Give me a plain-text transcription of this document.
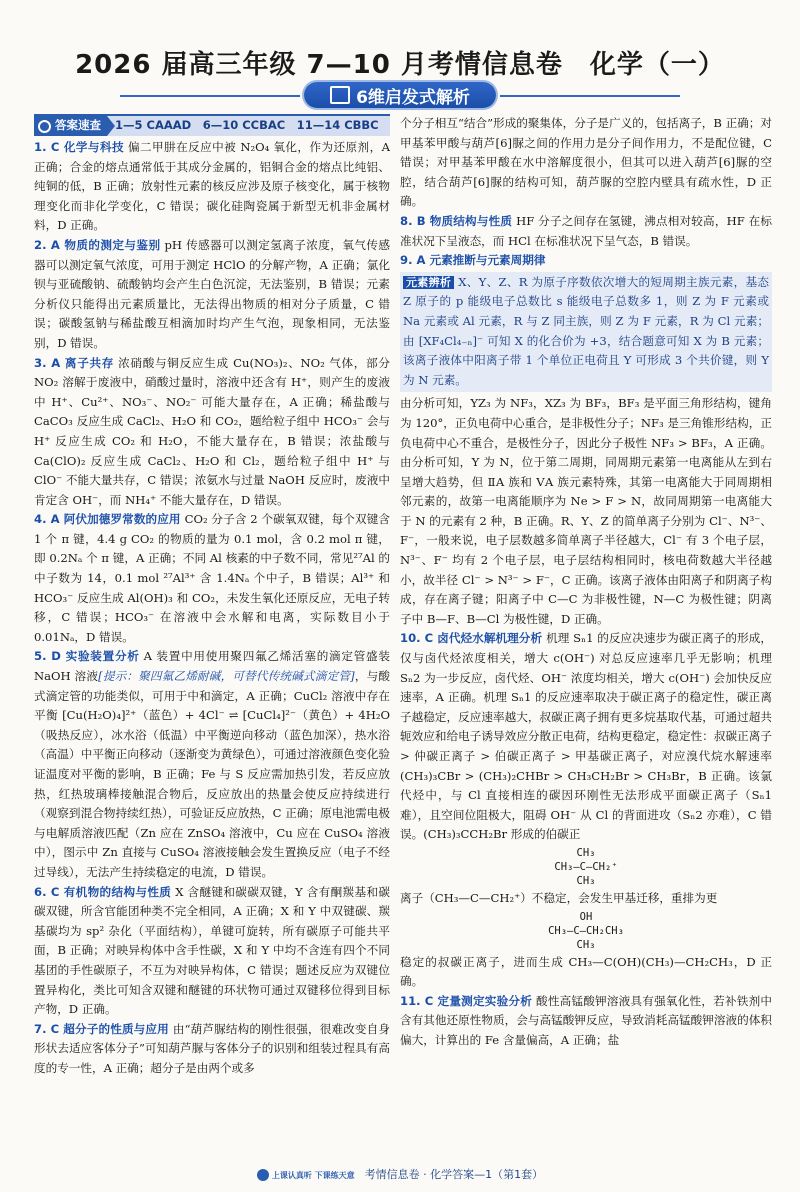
2026 届高三年级 7—10 月考情信息卷　化学（一）
6维启发式解析
答案速查 1—5 CAAAD　6—10 CCBAC　11—14 CBBC

1. C 化学与科技 偏二甲肼在反应中被 N₂O₄ 氧化，作为还原剂，A 正确；合金的熔点通常低于其成分金属的，铝铜合金的熔点比纯铝、纯铜的低，B 正确；放射性元素的核反应涉及原子核变化，属于核物理变化而非化学变化，C 错误；碳化硅陶瓷属于新型无机非金属材料，D 正确。

2. A 物质的测定与鉴别 pH 传感器可以测定氢离子浓度，氧气传感器可以测定氧气浓度，可用于测定 HClO 的分解产物，A 正确；氯化钡与亚硫酸钠、硫酸钠均会产生白色沉淀，无法鉴别，B 错误；元素分析仪只能得出元素质量比，无法得出物质的相对分子质量，C 错误；碳酸氢钠与稀盐酸互相滴加时均产生气泡，现象相同，无法鉴别，D 错误。

3. A 离子共存 浓硝酸与铜反应生成 Cu(NO₃)₂、NO₂ 气体，部分 NO₂ 溶解于废液中，硝酸过量时，溶液中还含有 H⁺，则产生的废液中 H⁺、Cu²⁺、NO₃⁻、NO₂⁻ 可能大量存在，A 正确；稀盐酸与 CaCO₃ 反应生成 CaCl₂、H₂O 和 CO₂，题给粒子组中 HCO₃⁻ 会与 H⁺ 反应生成 CO₂ 和 H₂O，不能大量存在，B 错误；浓盐酸与 Ca(ClO)₂ 反应生成 CaCl₂、H₂O 和 Cl₂，题给粒子组中 H⁺ 与 ClO⁻ 不能大量共存，C 错误；浓氨水与过量 NaOH 反应时，废液中肯定含 OH⁻，而 NH₄⁺ 不能大量存在，D 错误。

4. A 阿伏加德罗常数的应用 CO₂ 分子含 2 个碳氧双键，每个双键含 1 个 π 键，4.4 g CO₂ 的物质的量为 0.1 mol，含 0.2 mol π 键，即 0.2Nₐ 个 π 键，A 正确；不同 Al 核素的中子数不同，常见²⁷Al 的中子数为 14，0.1 mol ²⁷Al³⁺ 含 1.4Nₐ 个中子，B 错误；Al³⁺ 和 HCO₃⁻ 反应生成 Al(OH)₃ 和 CO₂，未发生氧化还原反应，无电子转移，C 错误；HCO₃⁻ 在溶液中会水解和电离，实际数目小于 0.01Nₐ，D 错误。

5. D 实验装置分析 A 装置中用使用聚四氟乙烯活塞的滴定管盛装 NaOH 溶液[提示：聚四氟乙烯耐碱，可替代传统碱式滴定管]，与酸式滴定管的功能类似，可用于中和滴定，A 正确；CuCl₂ 溶液中存在平衡 [Cu(H₂O)₄]²⁺（蓝色）+ 4Cl⁻ ⇌ [CuCl₄]²⁻（黄色）+ 4H₂O（吸热反应），冰水浴（低温）中平衡逆向移动（蓝色加深），热水浴（高温）中平衡正向移动（逐渐变为黄绿色），可通过溶液颜色变化验证温度对平衡的影响，B 正确；Fe 与 S 反应需加热引发，若反应放热，红热玻璃棒接触混合物后，反应放出的热量会使反应持续进行（观察到混合物持续红热），可验证反应放热，C 正确；原电池需电极与电解质溶液匹配（Zn 应在 ZnSO₄ 溶液中，Cu 应在 CuSO₄ 溶液中），图示中 Zn 直接与 CuSO₄ 溶液接触会发生置换反应（电子不经过导线），无法产生持续稳定的电流，D 错误。

6. C 有机物的结构与性质 X 含醚键和碳碳双键，Y 含有酮羰基和碳碳双键，所含官能团种类不完全相同，A 正确；X 和 Y 中双键碳、羰基碳均为 sp² 杂化（平面结构），单键可旋转，所有碳原子可能共平面，B 正确；对映异构体中含手性碳，X 和 Y 中均不含连有四个不同基团的手性碳原子，不互为对映异构体，C 错误；题述反应为双键位置异构化，类比可知含双键和醚键的环状物可通过双键移位得到目标产物，D 正确。

7. C 超分子的性质与应用 由“葫芦脲结构的刚性很强，很难改变自身形状去适应客体分子”可知葫芦脲与客体分子的识别和组装过程具有高度的专一性，A 正确；超分子是由两个或多

个分子相互“结合”形成的聚集体，分子是广义的，包括离子，B 正确；对甲基苯甲酸与葫芦[6]脲之间的作用力是分子间作用力，不是配位键，C 错误；对甲基苯甲酸在水中溶解度很小，但其可以进入葫芦[6]脲的空腔，结合葫芦[6]脲的结构可知，葫芦脲的空腔内壁具有疏水性，D 正确。

8. B 物质结构与性质 HF 分子之间存在氢键，沸点相对较高，HF 在标准状况下呈液态，而 HCl 在标准状况下呈气态，B 错误。

9. A 元素推断与元素周期律

元素辨析 X、Y、Z、R 为原子序数依次增大的短周期主族元素，基态 Z 原子的 p 能级电子总数比 s 能级电子总数多 1，则 Z 为 F 元素或 Na 元素或 Al 元素，R 与 Z 同主族，则 Z 为 F 元素，R 为 Cl 元素；由 [XF₄Cl₄₋ₙ]⁻ 可知 X 的化合价为 +3，结合题意可知 X 为 B 元素；该离子液体中阳离子带 1 个单位正电荷且 Y 可形成 3 个共价键，则 Y 为 N 元素。

由分析可知，YZ₃ 为 NF₃，XZ₃ 为 BF₃，BF₃ 是平面三角形结构，键角为 120°，正负电荷中心重合，是非极性分子；NF₃ 是三角锥形结构，正负电荷中心不重合，是极性分子，因此分子极性 NF₃ > BF₃，A 正确。由分析可知，Y 为 N，位于第二周期，同周期元素第一电离能从左到右呈增大趋势，但 ⅡA 族和 ⅤA 族元素特殊，其第一电离能大于同周期相邻元素的，故第一电离能顺序为 Ne > F > N，故同周期第一电离能大于 N 的元素有 2 种，B 正确。R、Y、Z 的简单离子分别为 Cl⁻、N³⁻、F⁻，一般来说，电子层数越多简单离子半径越大，Cl⁻ 有 3 个电子层，N³⁻、F⁻ 均有 2 个电子层，电子层结构相同时，核电荷数越大半径越小，故半径 Cl⁻ > N³⁻ > F⁻，C 正确。该离子液体由阳离子和阴离子构成，存在离子键；阳离子中 C—C 为非极性键，N—C 为极性键；阴离子中 B—F、B—Cl 为极性键，D 正确。

10. C 卤代烃水解机理分析 机理 Sₙ1 的反应决速步为碳正离子的形成，仅与卤代烃浓度相关，增大 c(OH⁻) 对总反应速率几乎无影响；机理 Sₙ2 为一步反应，卤代烃、OH⁻ 浓度均相关，增大 c(OH⁻) 会加快反应速率，A 正确。机理 Sₙ1 的反应速率取决于碳正离子的稳定性，碳正离子越稳定，反应速率越大，叔碳正离子拥有更多烷基取代基，可通过超共轭效应和给电子诱导效应分散正电荷，结构更稳定，稳定性：叔碳正离子 > 仲碳正离子 > 伯碳正离子 > 甲基碳正离子，对应溴代烷水解速率 (CH₃)₃CBr > (CH₃)₂CHBr > CH₃CH₂Br > CH₃Br，B 正确。该氯代烃中，与 Cl 直接相连的碳因环刚性无法形成平面碳正离子（Sₙ1 难），且空间位阻极大，阻碍 OH⁻ 从 Cl 的背面进攻（Sₙ2 亦难），C 错误。(CH₃)₃CCH₂Br 形成的伯碳正

CH₃
CH₃—C—CH₂⁺
CH₃

离子（CH₃—C—CH₂⁺）不稳定，会发生甲基迁移，重排为更

OH
CH₃—C—CH₂CH₃
CH₃

稳定的叔碳正离子，进而生成 CH₃—C(OH)(CH₃)—CH₂CH₃，D 正确。

11. C 定量测定实验分析 酸性高锰酸钾溶液具有强氧化性，若补铁剂中含有其他还原性物质，会与高锰酸钾反应，导致消耗高锰酸钾溶液的体积偏大，计算出的 Fe 含量偏高，A 正确；盐

上课认真听 下课练天意 考情信息卷 · 化学答案—1（第1套）
